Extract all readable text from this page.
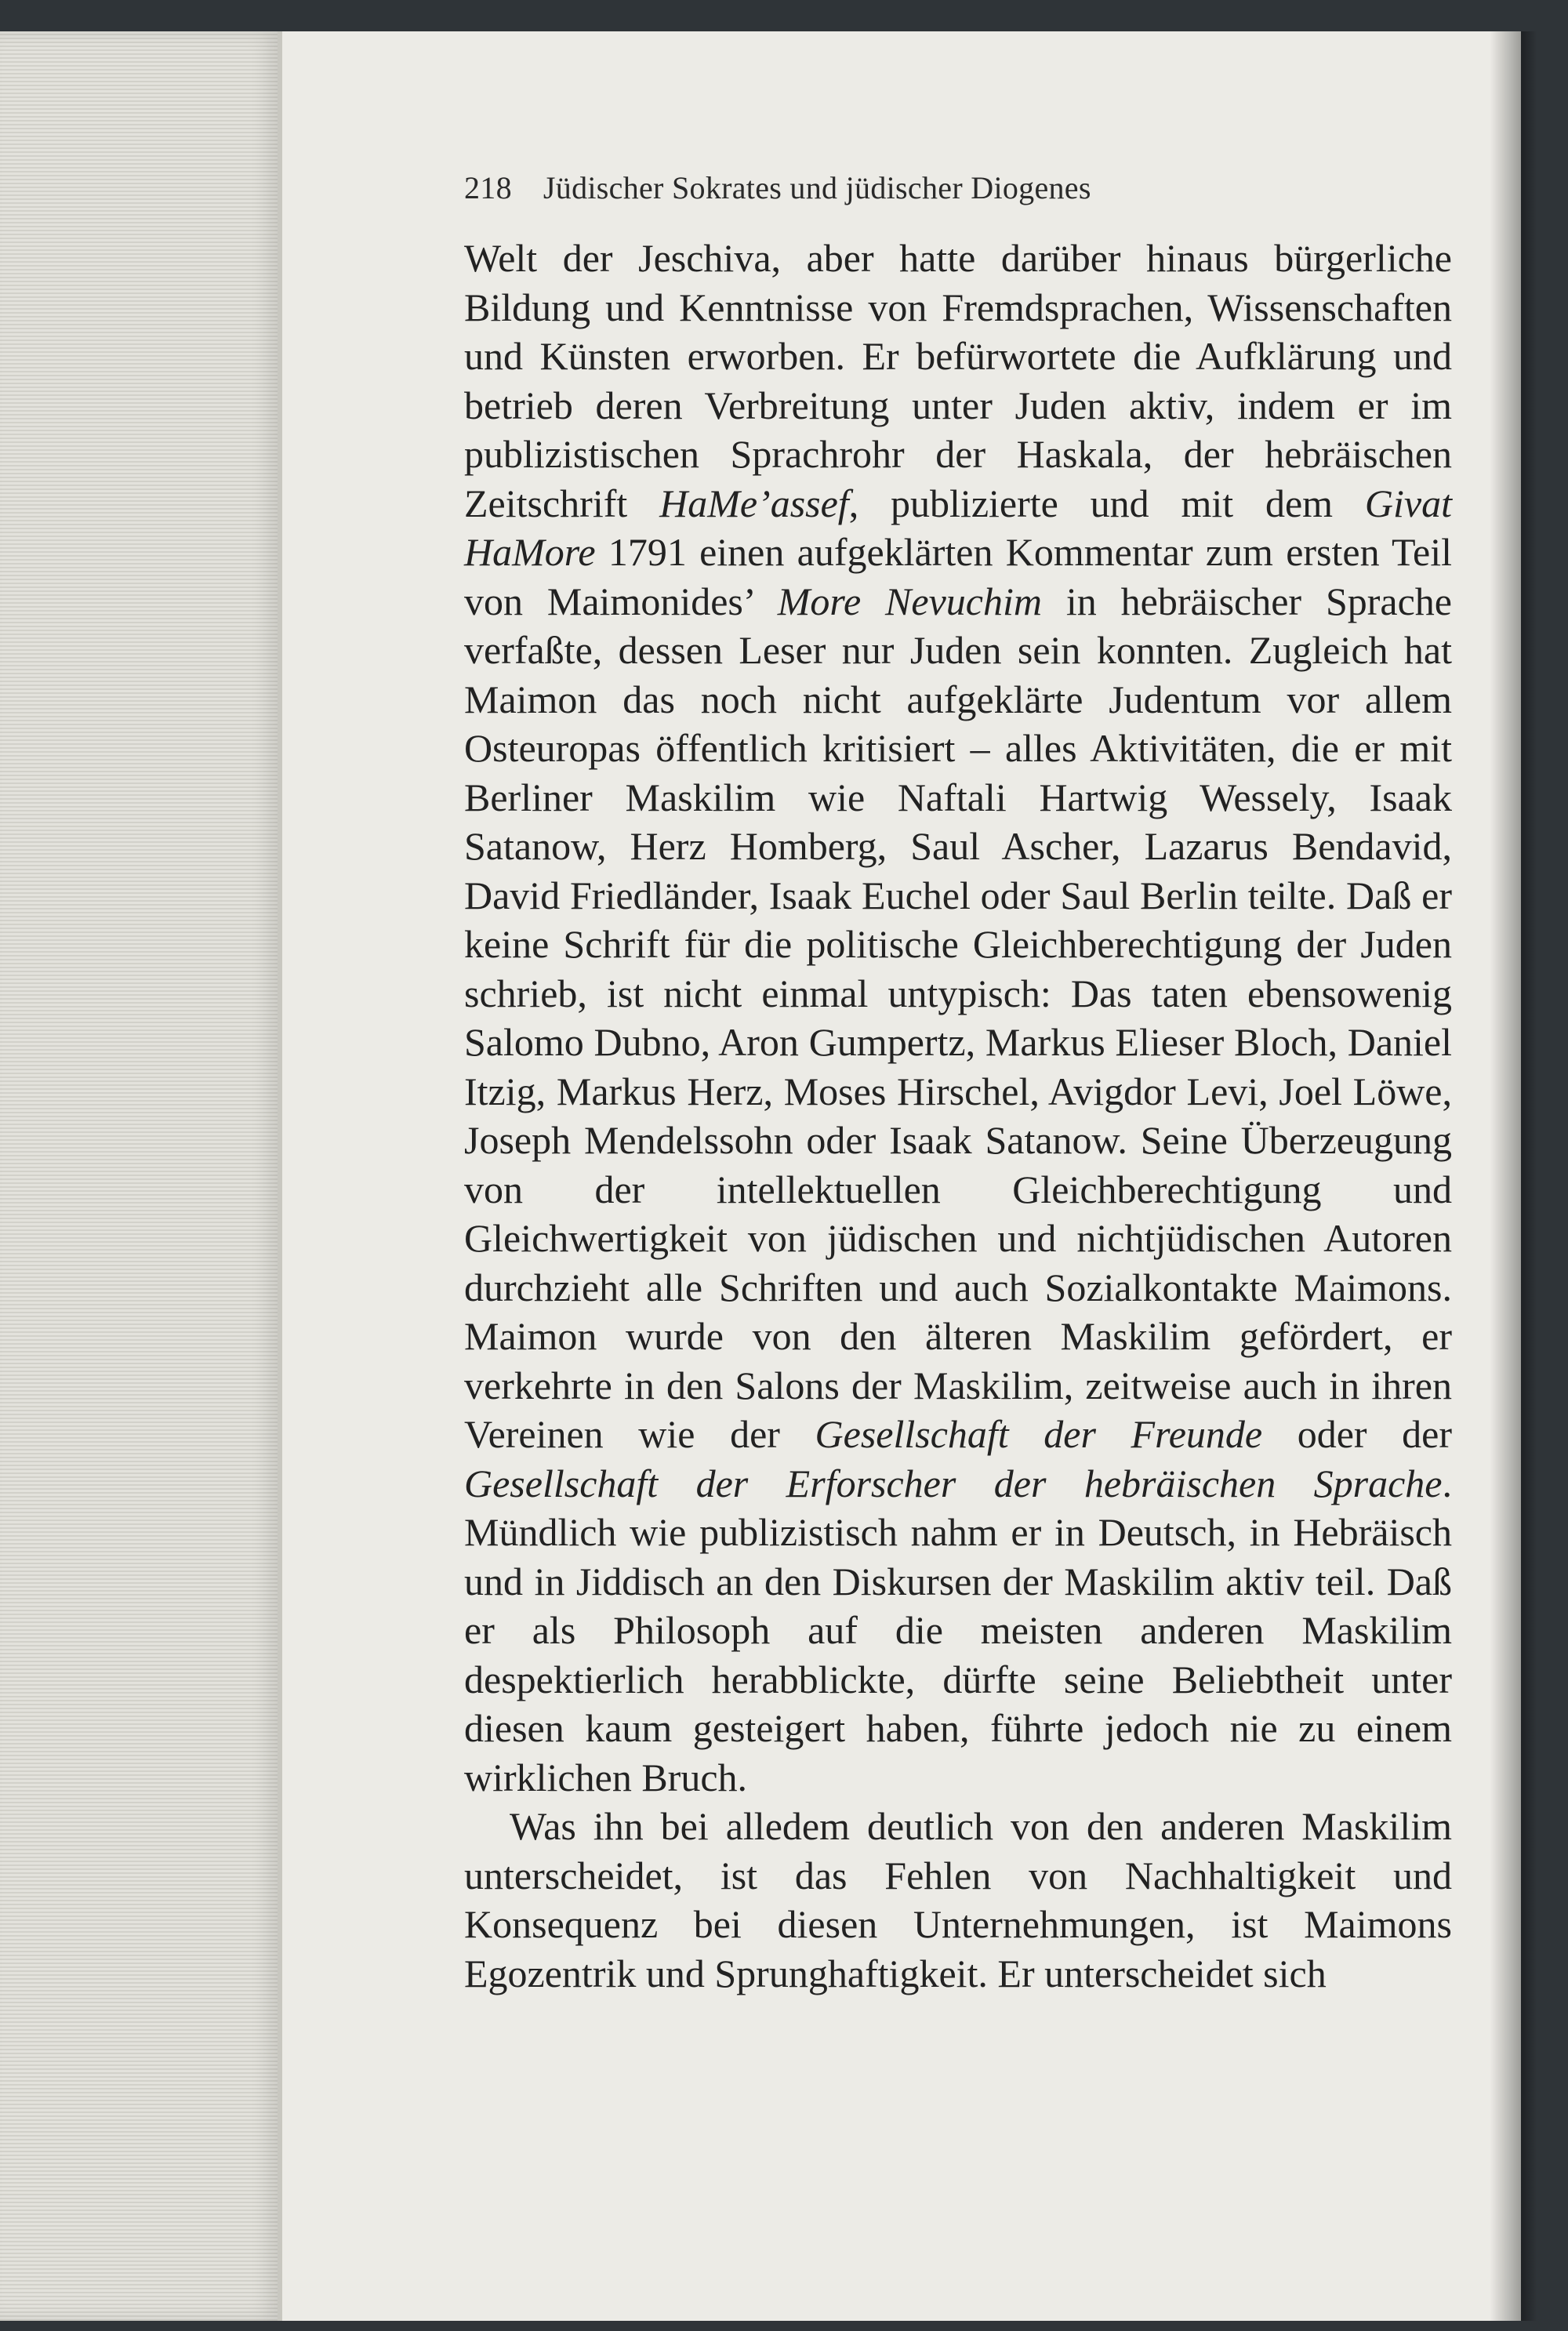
218 Jüdischer Sokrates und jüdischer Diogenes

Welt der Jeschiva, aber hatte darüber hinaus bürgerliche Bildung und Kenntnisse von Fremdsprachen, Wissenschaften und Künsten erworben. Er befürwortete die Aufklärung und betrieb deren Verbreitung unter Juden aktiv, indem er im publizistischen Sprachrohr der Haskala, der hebräischen Zeitschrift HaMe’assef, publizierte und mit dem Givat HaMore 1791 einen aufgeklärten Kommentar zum ersten Teil von Maimonides’ More Nevuchim in hebräischer Sprache verfaßte, dessen Leser nur Juden sein konnten. Zugleich hat Maimon das noch nicht aufgeklärte Judentum vor allem Osteuropas öffentlich kritisiert – alles Aktivitäten, die er mit Berliner Maskilim wie Naftali Hartwig Wessely, Isaak Satanow, Herz Homberg, Saul Ascher, Lazarus Bendavid, David Friedländer, Isaak Euchel oder Saul Berlin teilte. Daß er keine Schrift für die politische Gleichberechtigung der Juden schrieb, ist nicht einmal untypisch: Das taten ebensowenig Salomo Dubno, Aron Gumpertz, Markus Elieser Bloch, Daniel Itzig, Markus Herz, Moses Hirschel, Avigdor Levi, Joel Löwe, Joseph Mendelssohn oder Isaak Satanow. Seine Überzeugung von der intellektuellen Gleichberechtigung und Gleichwertigkeit von jüdischen und nichtjüdischen Autoren durchzieht alle Schriften und auch Sozialkontakte Maimons. Maimon wurde von den älteren Maskilim gefördert, er verkehrte in den Salons der Maskilim, zeitweise auch in ihren Vereinen wie der Gesellschaft der Freunde oder der Gesellschaft der Erforscher der hebräischen Sprache. Mündlich wie publizistisch nahm er in Deutsch, in Hebräisch und in Jiddisch an den Diskursen der Maskilim aktiv teil. Daß er als Philosoph auf die meisten anderen Maskilim despektierlich herabblickte, dürfte seine Beliebtheit unter diesen kaum gesteigert haben, führte jedoch nie zu einem wirklichen Bruch.

Was ihn bei alledem deutlich von den anderen Maskilim unterscheidet, ist das Fehlen von Nachhaltigkeit und Konsequenz bei diesen Unternehmungen, ist Maimons Egozentrik und Sprunghaftigkeit. Er unterscheidet sich
